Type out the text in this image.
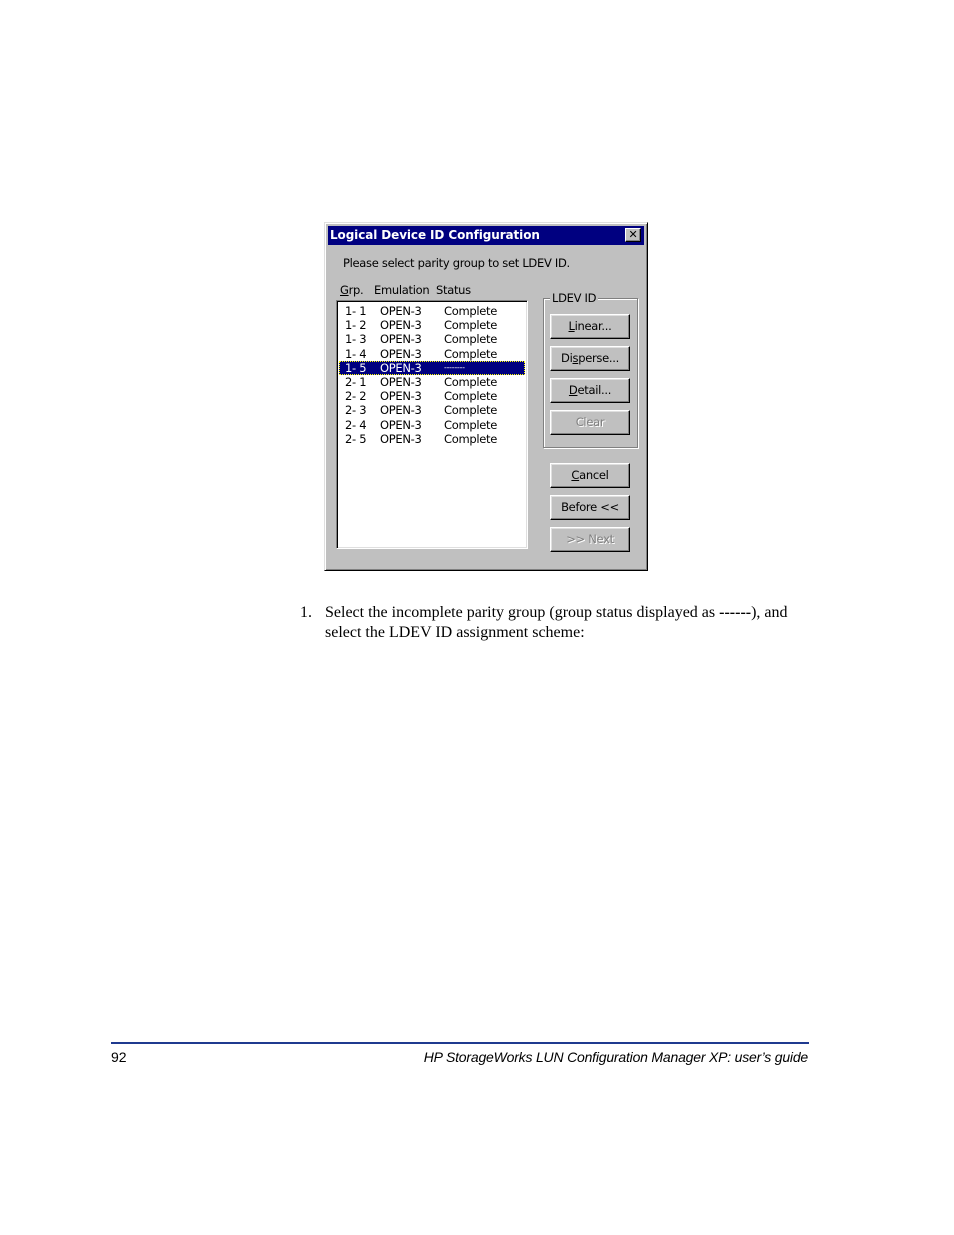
Logical Device ID Configuration	✕
Please select parity group to set LDEV ID.
Grp. Emulation Status
1- 1 OPEN-3 Complete
1- 2 OPEN-3 Complete
1- 3 OPEN-3 Complete
1- 4 OPEN-3 Complete
1- 5 OPEN-3	--------
2- 1 OPEN-3 Complete
2- 2 OPEN-3 Complete
2- 3 OPEN-3 Complete
2- 4 OPEN-3 Complete
2- 5 OPEN-3 Complete
LDEV ID
Linear...
Disperse...
Detail...
Clear
Cancel
Before <<
>> Next
1. Select the incomplete parity group (group status displayed as ------), and select the LDEV ID assignment scheme:
92	HP StorageWorks LUN Configuration Manager XP: user’s guide
